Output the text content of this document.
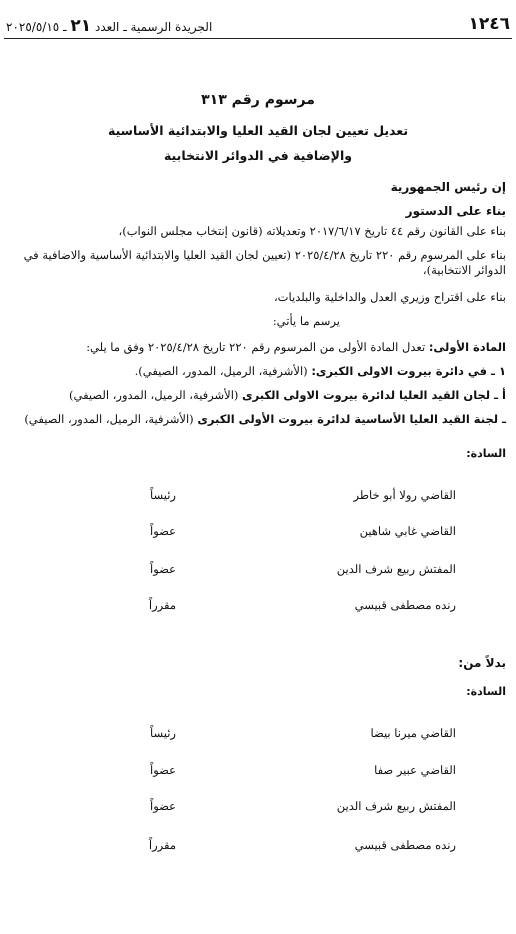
١٢٤٦
الجريدة الرسمية ـ العدد ٢١ ـ ٢٠٢٥/٥/١٥
مرسوم رقم ٣١٣
تعديل تعيين لجان القيد العليا والابتدائية الأساسية
والإضافية في الدوائر الانتخابية
إن رئيس الجمهورية
بناء على الدستور
بناء على القانون رقم ٤٤ تاريخ ٢٠١٧/٦/١٧ وتعديلاته (قانون إنتخاب مجلس النواب)،
بناء على المرسوم رقم ٢٢٠ تاريخ ٢٠٢٥/٤/٢٨ (تعيين لجان القيد العليا والابتدائية الأساسية والاضافية في الدوائر الانتخابية)،
بناء على اقتراح وزيري العدل والداخلية والبلديات،
يرسم ما يأتي:
المادة الأولى: تعدل المادة الأولى من المرسوم رقم ٢٢٠ تاريخ ٢٠٢٥/٤/٢٨ وفق ما يلي:
١ ـ في دائرة بيروت الاولى الكبرى: (الأشرفية، الرميل، المدور، الصيفي).
أ ـ لجان القيد العليا لدائرة بيروت الاولى الكبرى (الأشرفية، الرميل، المدور، الصيفي)
ـ لجنة القيد العليا الأساسية لدائرة بيروت الأولى الكبرى (الأشرفية، الرميل، المدور، الصيفي)
السادة:
القاضي رولا أبو خاطر
رئيساً
القاضي غابي شاهين
عضواً
المفتش ربيع شرف الدين
عضواً
رنده مصطفى قبيسي
مقرراً
بدلاً من:
السادة:
القاضي ميرنا بيضا
رئيساً
القاضي عبير صفا
عضواً
المفتش ربيع شرف الدين
عضواً
رنده مصطفى قبيسي
مقرراً
